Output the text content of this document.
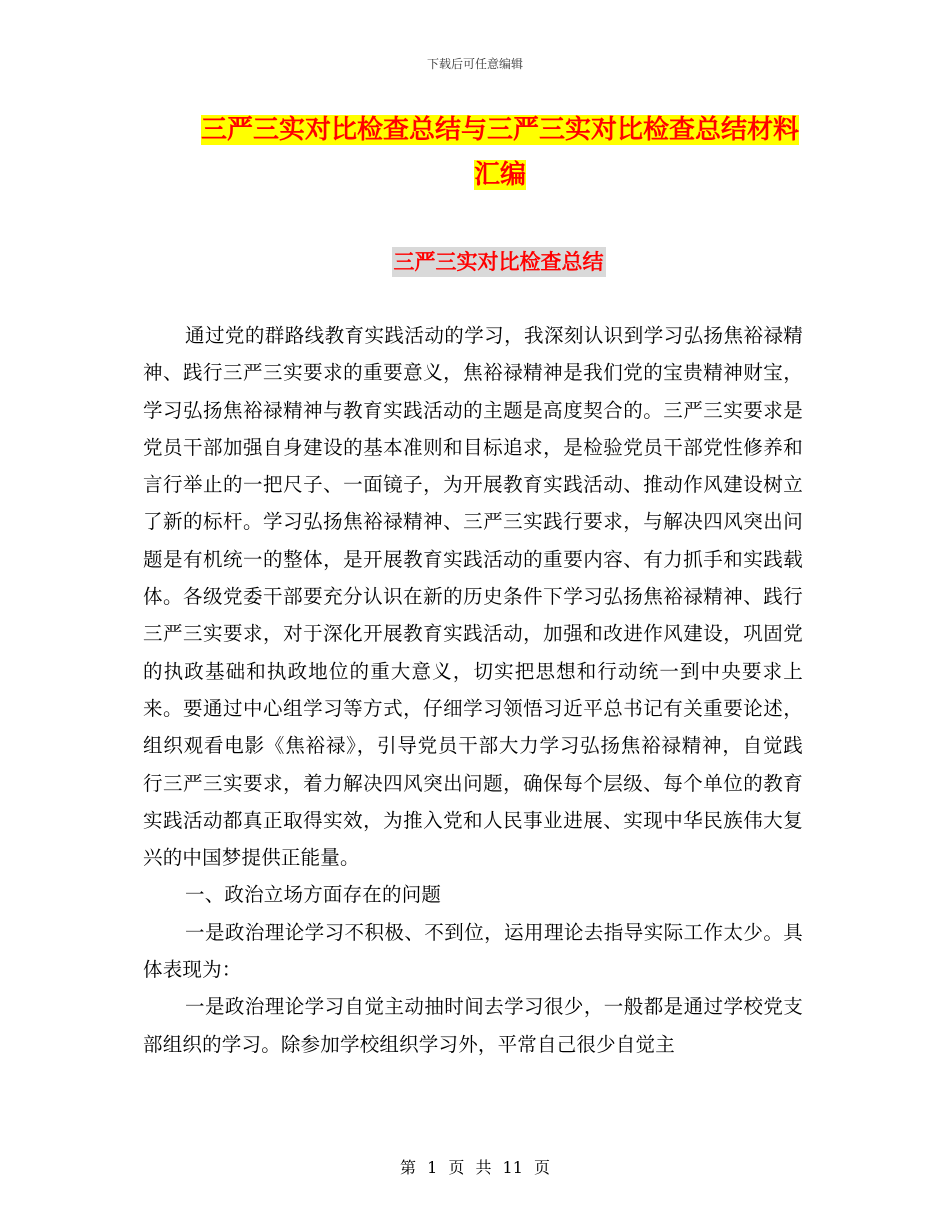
下载后可任意编辑
三严三实对比检查总结与三严三实对比检查总结材料
汇编
三严三实对比检查总结

通过党的群路线教育实践活动的学习，我深刻认识到学习弘扬焦裕禄精神、践行三严三实要求的重要意义，焦裕禄精神是我们党的宝贵精神财宝，学习弘扬焦裕禄精神与教育实践活动的主题是高度契合的。三严三实要求是党员干部加强自身建设的基本准则和目标追求，是检验党员干部党性修养和言行举止的一把尺子、一面镜子，为开展教育实践活动、推动作风建设树立了新的标杆。学习弘扬焦裕禄精神、三严三实践行要求，与解决四风突出问题是有机统一的整体，是开展教育实践活动的重要内容、有力抓手和实践载体。各级党委干部要充分认识在新的历史条件下学习弘扬焦裕禄精神、践行三严三实要求，对于深化开展教育实践活动，加强和改进作风建设，巩固党的执政基础和执政地位的重大意义，切实把思想和行动统一到中央要求上来。要通过中心组学习等方式，仔细学习领悟习近平总书记有关重要论述，组织观看电影《焦裕禄》，引导党员干部大力学习弘扬焦裕禄精神，自觉践行三严三实要求，着力解决四风突出问题，确保每个层级、每个单位的教育实践活动都真正取得实效，为推入党和人民事业进展、实现中华民族伟大复兴的中国梦提供正能量。

一、政治立场方面存在的问题

一是政治理论学习不积极、不到位，运用理论去指导实际工作太少。具体表现为：

一是政治理论学习自觉主动抽时间去学习很少，一般都是通过学校党支部组织的学习。除参加学校组织学习外，平常自己很少自觉主

第 1 页 共 11 页
